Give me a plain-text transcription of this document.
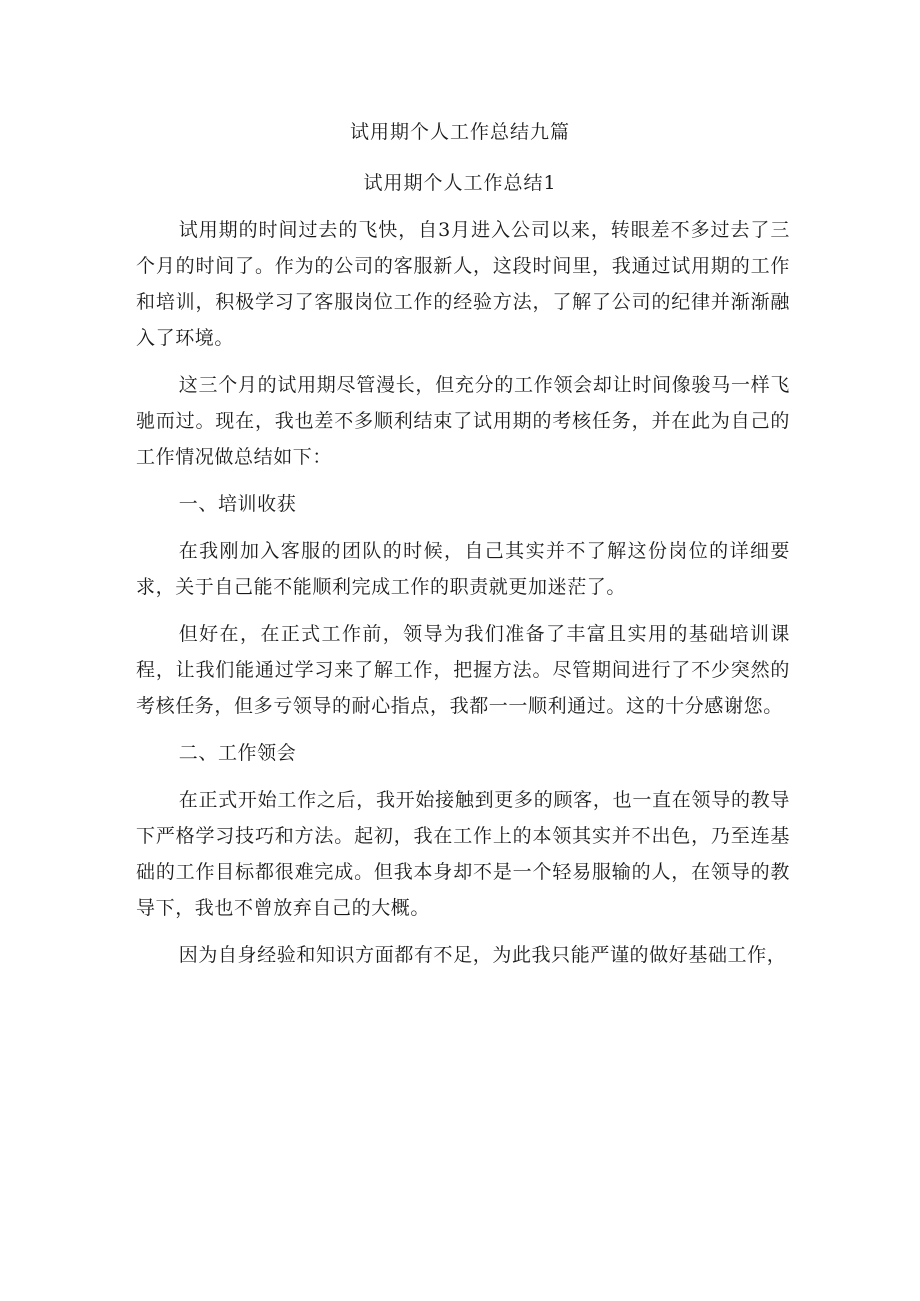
试用期个人工作总结九篇
试用期个人工作总结1

试用期的时间过去的飞快，自3月进入公司以来，转眼差不多过去了三个月的时间了。作为的公司的客服新人，这段时间里，我通过试用期的工作和培训，积极学习了客服岗位工作的经验方法，了解了公司的纪律并渐渐融入了环境。

这三个月的试用期尽管漫长，但充分的工作领会却让时间像骏马一样飞驰而过。现在，我也差不多顺利结束了试用期的考核任务，并在此为自己的工作情况做总结如下：

一、培训收获

在我刚加入客服的团队的时候，自己其实并不了解这份岗位的详细要求，关于自己能不能顺利完成工作的职责就更加迷茫了。

但好在，在正式工作前，领导为我们准备了丰富且实用的基础培训课程，让我们能通过学习来了解工作，把握方法。尽管期间进行了不少突然的考核任务，但多亏领导的耐心指点，我都一一顺利通过。这的十分感谢您。

二、工作领会

在正式开始工作之后，我开始接触到更多的顾客，也一直在领导的教导下严格学习技巧和方法。起初，我在工作上的本领其实并不出色，乃至连基础的工作目标都很难完成。但我本身却不是一个轻易服输的人，在领导的教导下，我也不曾放弃自己的大概。

因为自身经验和知识方面都有不足，为此我只能严谨的做好基础工作，
